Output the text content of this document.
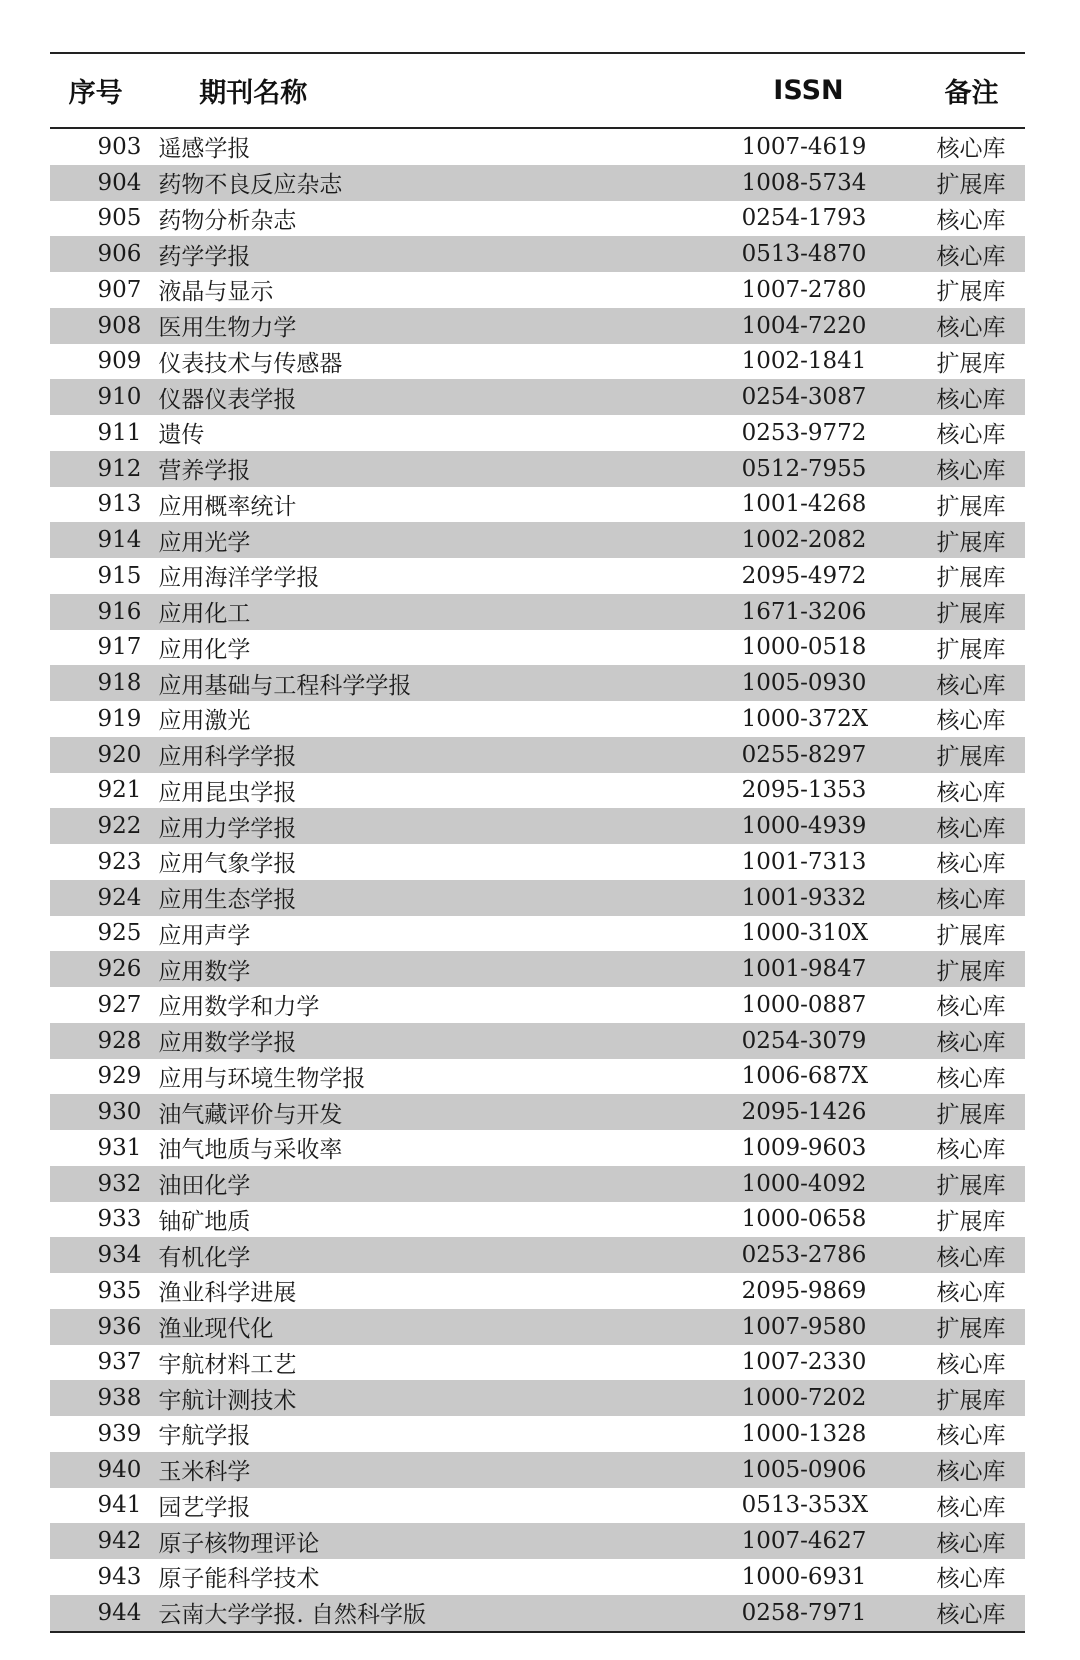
序号	期刊名称	ISSN	备注
903 遥感学报	1007-4619	核心库
904 药物不良反应杂志	1008-5734	扩展库
905 药物分析杂志	0254-1793	核心库
906 药学学报	0513-4870	核心库
907 液晶与显示	1007-2780	扩展库
908 医用生物力学	1004-7220	核心库
909 仪表技术与传感器	1002-1841	扩展库
910 仪器仪表学报	0254-3087	核心库
911 遗传	0253-9772	核心库
912 营养学报	0512-7955	核心库
913 应用概率统计	1001-4268	扩展库
914 应用光学	1002-2082	扩展库
915 应用海洋学学报	2095-4972	扩展库
916 应用化工	1671-3206	扩展库
917 应用化学	1000-0518	扩展库
918 应用基础与工程科学学报	1005-0930	核心库
919 应用激光	1000-372X	核心库
920 应用科学学报	0255-8297	扩展库
921 应用昆虫学报	2095-1353	核心库
922 应用力学学报	1000-4939	核心库
923 应用气象学报	1001-7313	核心库
924 应用生态学报	1001-9332	核心库
925 应用声学	1000-310X	扩展库
926 应用数学	1001-9847	扩展库
927 应用数学和力学	1000-0887	核心库
928 应用数学学报	0254-3079	核心库
929 应用与环境生物学报	1006-687X	核心库
930 油气藏评价与开发	2095-1426	扩展库
931 油气地质与采收率	1009-9603	核心库
932 油田化学	1000-4092	扩展库
933 铀矿地质	1000-0658	扩展库
934 有机化学	0253-2786	核心库
935 渔业科学进展	2095-9869	核心库
936 渔业现代化	1007-9580	扩展库
937 宇航材料工艺	1007-2330	核心库
938 宇航计测技术	1000-7202	扩展库
939 宇航学报	1000-1328	核心库
940 玉米科学	1005-0906	核心库
941 园艺学报	0513-353X	核心库
942 原子核物理评论	1007-4627	核心库
943 原子能科学技术	1000-6931	核心库
944 云南大学学报. 自然科学版	0258-7971	核心库
